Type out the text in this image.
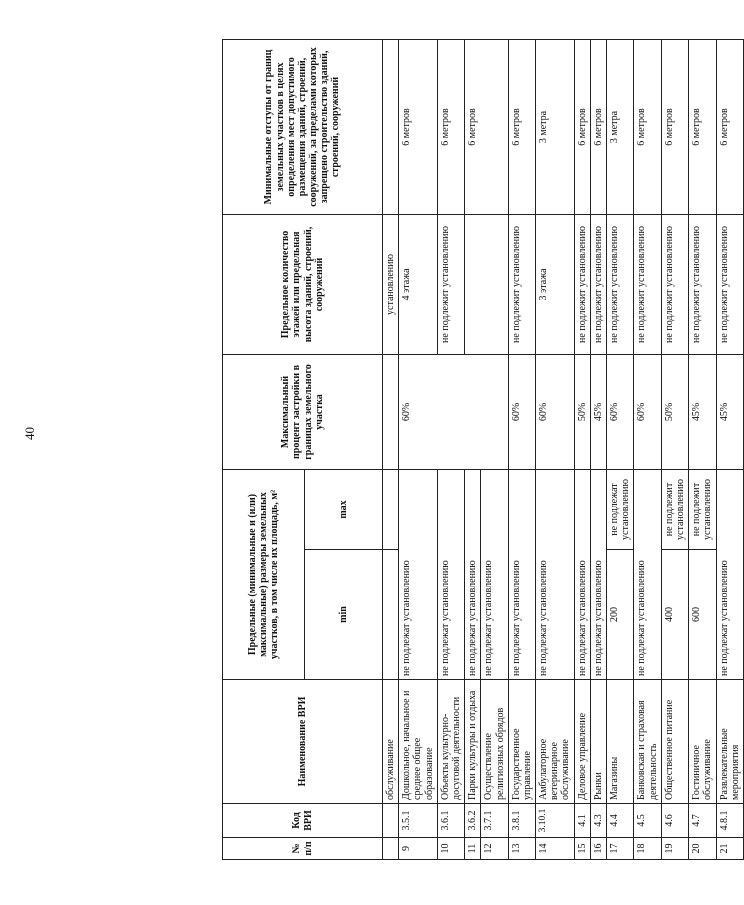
40
№ п/п	Код ВРИ	Наименование ВРИ	Предельные (минимальные и (или) максимальные) размеры земельных участков, в том числе их площадь, м²		Максимальный процент застройки в границах земельного участка	Предельное количество этажей или предельная высота зданий, строений, сооружений	Минимальные отступы от границ земельных участков в целях определения мест допустимого размещения зданий, строений, сооружений, за пределами которых запрещено строительство зданий, строений, сооружений
			min	max			
		обслуживание				установлению	
9	3.5.1	Дошкольное, начальное и среднее общее образование	не подлежат установлению		60%	4 этажа	6 метров
10	3.6.1	Объекты культурно-досуговой деятельности	не подлежат установлению			не подлежит установлению	6 метров
11	3.6.2	Парки культуры и отдыха	не подлежат установлению				6 метров
12	3.7.1	Осуществление религиозных обрядов	не подлежат установлению				
13	3.8.1	Государственное управление	не подлежат установлению		60%	не подлежит установлению	6 метров
14	3.10.1	Амбулаторное ветеринарное обслуживание	не подлежат установлению		60%	3 этажа	3 метра
15	4.1	Деловое управление	не подлежат установлению		50%	не подлежит установлению	6 метров
16	4.3	Рынки	не подлежат установлению		45%	не подлежит установлению	6 метров
17	4.4	Магазины	200	не подлежат установлению	60%	не подлежит установлению	3 метра
18	4.5	Банковская и страховая деятельность	не подлежат установлению		60%	не подлежит установлению	6 метров
19	4.6	Общественное питание	400	не подлежит установлению	50%	не подлежит установлению	6 метров
20	4.7	Гостиничное обслуживание	600	не подлежит установлению	45%	не подлежит установлению	6 метров
21	4.8.1	Развлекательные мероприятия	не подлежат установлению		45%	не подлежит установлению	6 метров
